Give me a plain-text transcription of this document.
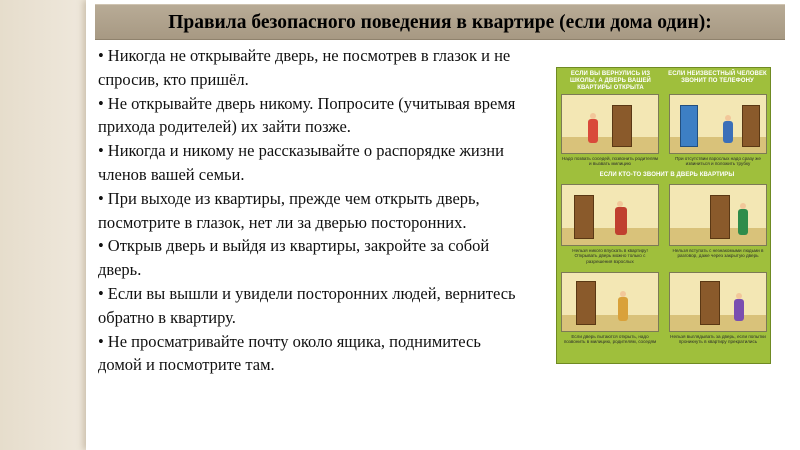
Правила безопасного поведения в квартире (если дома один):
• Никогда не открывайте дверь, не посмотрев в глазок и не спросив, кто пришёл.
• Не открывайте дверь никому. Попросите (учитывая время прихода родителей) их зайти позже.
• Никогда и никому не рассказывайте о распорядке жизни членов вашей семьи.
• При выходе из квартиры, прежде чем открыть дверь, посмотрите в глазок, нет ли за дверью посторонних.
• Открыв дверь и выйдя из квартиры, закройте за собой дверь.
• Если вы вышли и увидели посторонних людей, вернитесь обратно в квартиру.
• Не просматривайте почту около ящика, поднимитесь домой и посмотрите там.
ЕСЛИ ВЫ ВЕРНУЛИСЬ ИЗ ШКОЛЫ, А ДВЕРЬ ВАШЕЙ КВАРТИРЫ ОТКРЫТА
ЕСЛИ НЕИЗВЕСТНЫЙ ЧЕЛОВЕК ЗВОНИТ ПО ТЕЛЕФОНУ
Надо позвать соседей, позвонить родителям и вызвать милицию
При отсутствии взрослых надо сразу же извиниться и положить трубку
ЕСЛИ КТО-ТО ЗВОНИТ В ДВЕРЬ КВАРТИРЫ
Нельзя никого впускать в квартиру! Открывать дверь можно только с разрешения взрослых
Нельзя вступать с незнакомыми людьми в разговор, даже через закрытую дверь
Если дверь пытаются открыть, надо позвонить в милицию, родителям, соседям
Нельзя выглядывать за дверь, если попытки проникнуть в квартиру прекратились
